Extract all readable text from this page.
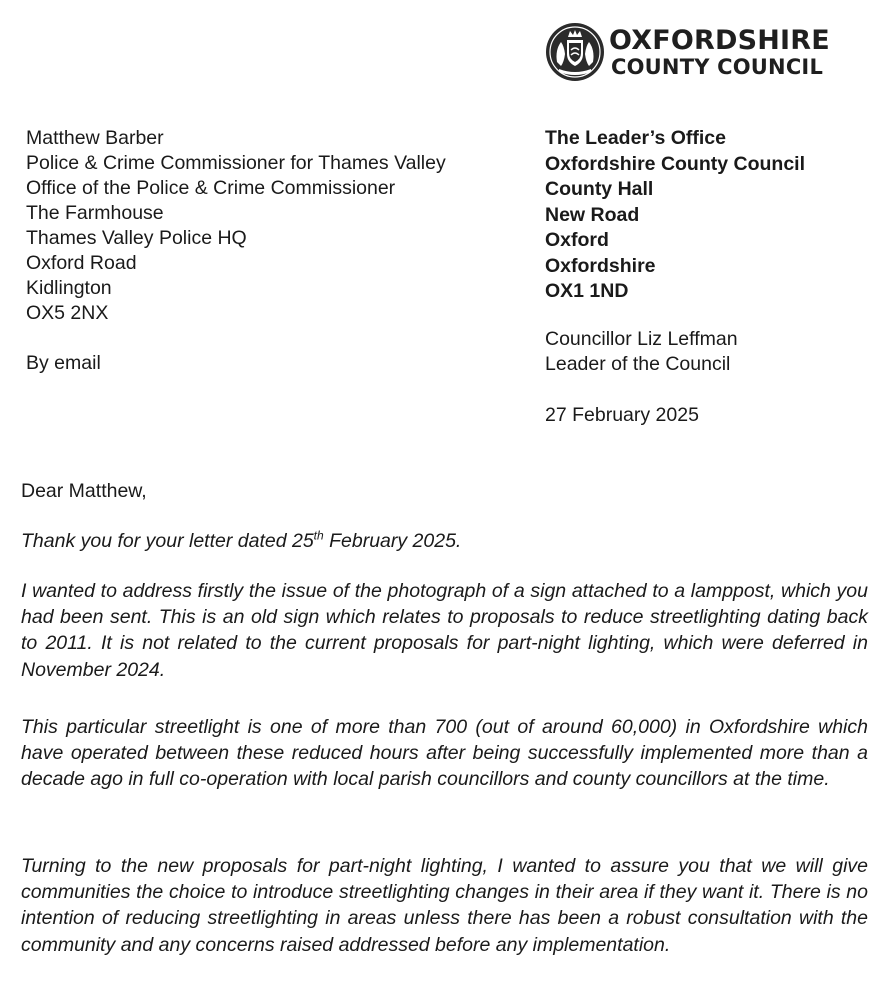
OXFORDSHIRE
COUNTY COUNCIL
Matthew Barber
Police & Crime Commissioner for Thames Valley
Office of the Police & Crime Commissioner
The Farmhouse
Thames Valley Police HQ
Oxford Road
Kidlington
OX5 2NX
The Leader’s Office
Oxfordshire County Council
County Hall
New Road
Oxford
Oxfordshire
OX1 1ND
Councillor Liz Leffman
Leader of the Council
By email
27 February 2025
Dear Matthew,

Thank you for your letter dated 25th February 2025.

I wanted to address firstly the issue of the photograph of a sign attached to a lamppost, which you had been sent. This is an old sign which relates to proposals to reduce streetlighting dating back to 2011. It is not related to the current proposals for part-night lighting, which were deferred in November 2024.

This particular streetlight is one of more than 700 (out of around 60,000) in Oxfordshire which have operated between these reduced hours after being successfully implemented more than a decade ago in full co-operation with local parish councillors and county councillors at the time.

Turning to the new proposals for part-night lighting, I wanted to assure you that we will give communities the choice to introduce streetlighting changes in their area if they want it. There is no intention of reducing streetlighting in areas unless there has been a robust consultation with the community and any concerns raised addressed before any implementation.
